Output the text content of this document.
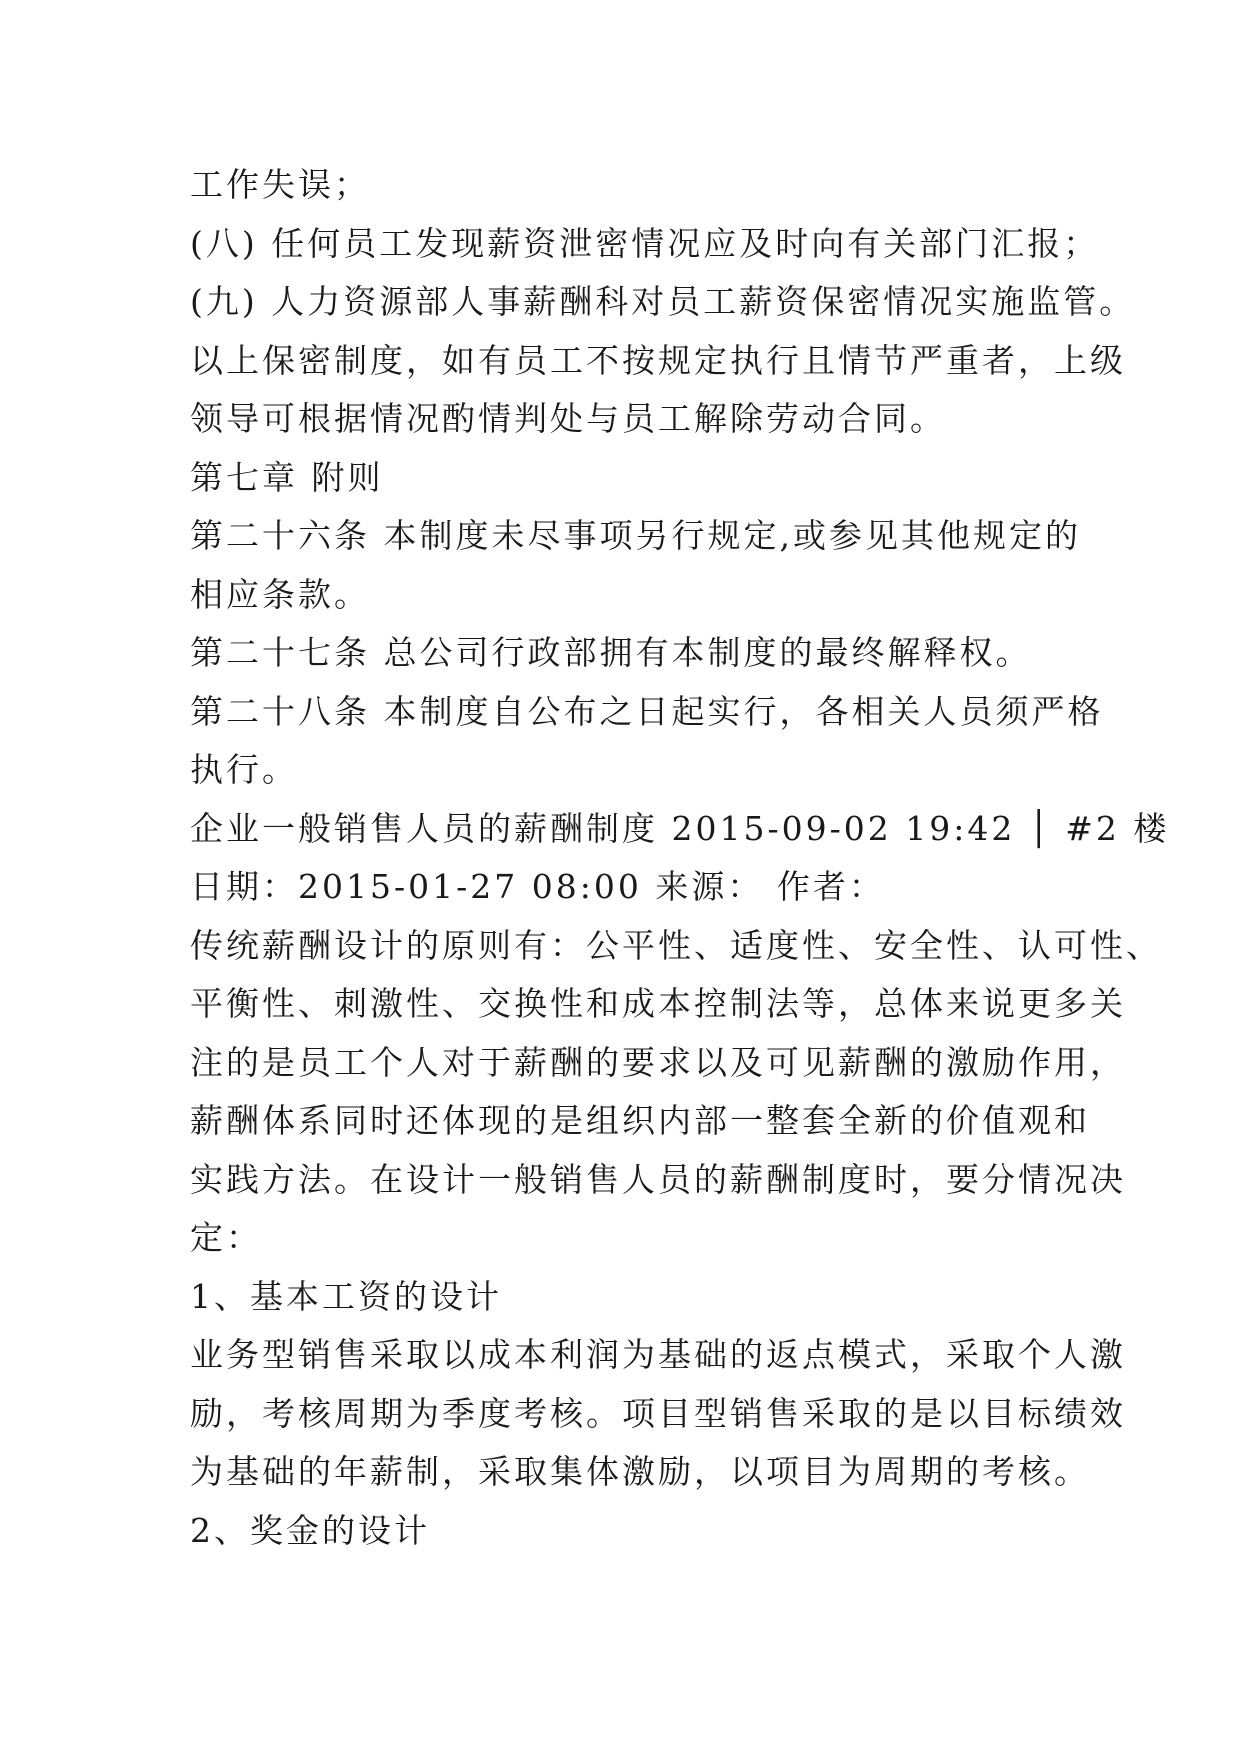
工作失误；
(八) 任何员工发现薪资泄密情况应及时向有关部门汇报；
(九) 人力资源部人事薪酬科对员工薪资保密情况实施监管。
以上保密制度，如有员工不按规定执行且情节严重者，上级
领导可根据情况酌情判处与员工解除劳动合同。
第七章 附则
第二十六条 本制度未尽事项另行规定,或参见其他规定的
相应条款。
第二十七条 总公司行政部拥有本制度的最终解释权。
第二十八条 本制度自公布之日起实行，各相关人员须严格
执行。
企业一般销售人员的薪酬制度 2015-09-02 19:42 │ #2 楼
日期：2015-01-27 08:00 来源： 作者：
传统薪酬设计的原则有：公平性、适度性、安全性、认可性、
平衡性、刺激性、交换性和成本控制法等，总体来说更多关
注的是员工个人对于薪酬的要求以及可见薪酬的激励作用，
薪酬体系同时还体现的是组织内部一整套全新的价值观和
实践方法。在设计一般销售人员的薪酬制度时，要分情况决
定：
1、基本工资的设计
业务型销售采取以成本利润为基础的返点模式，采取个人激
励，考核周期为季度考核。项目型销售采取的是以目标绩效
为基础的年薪制，采取集体激励，以项目为周期的考核。
2、奖金的设计
